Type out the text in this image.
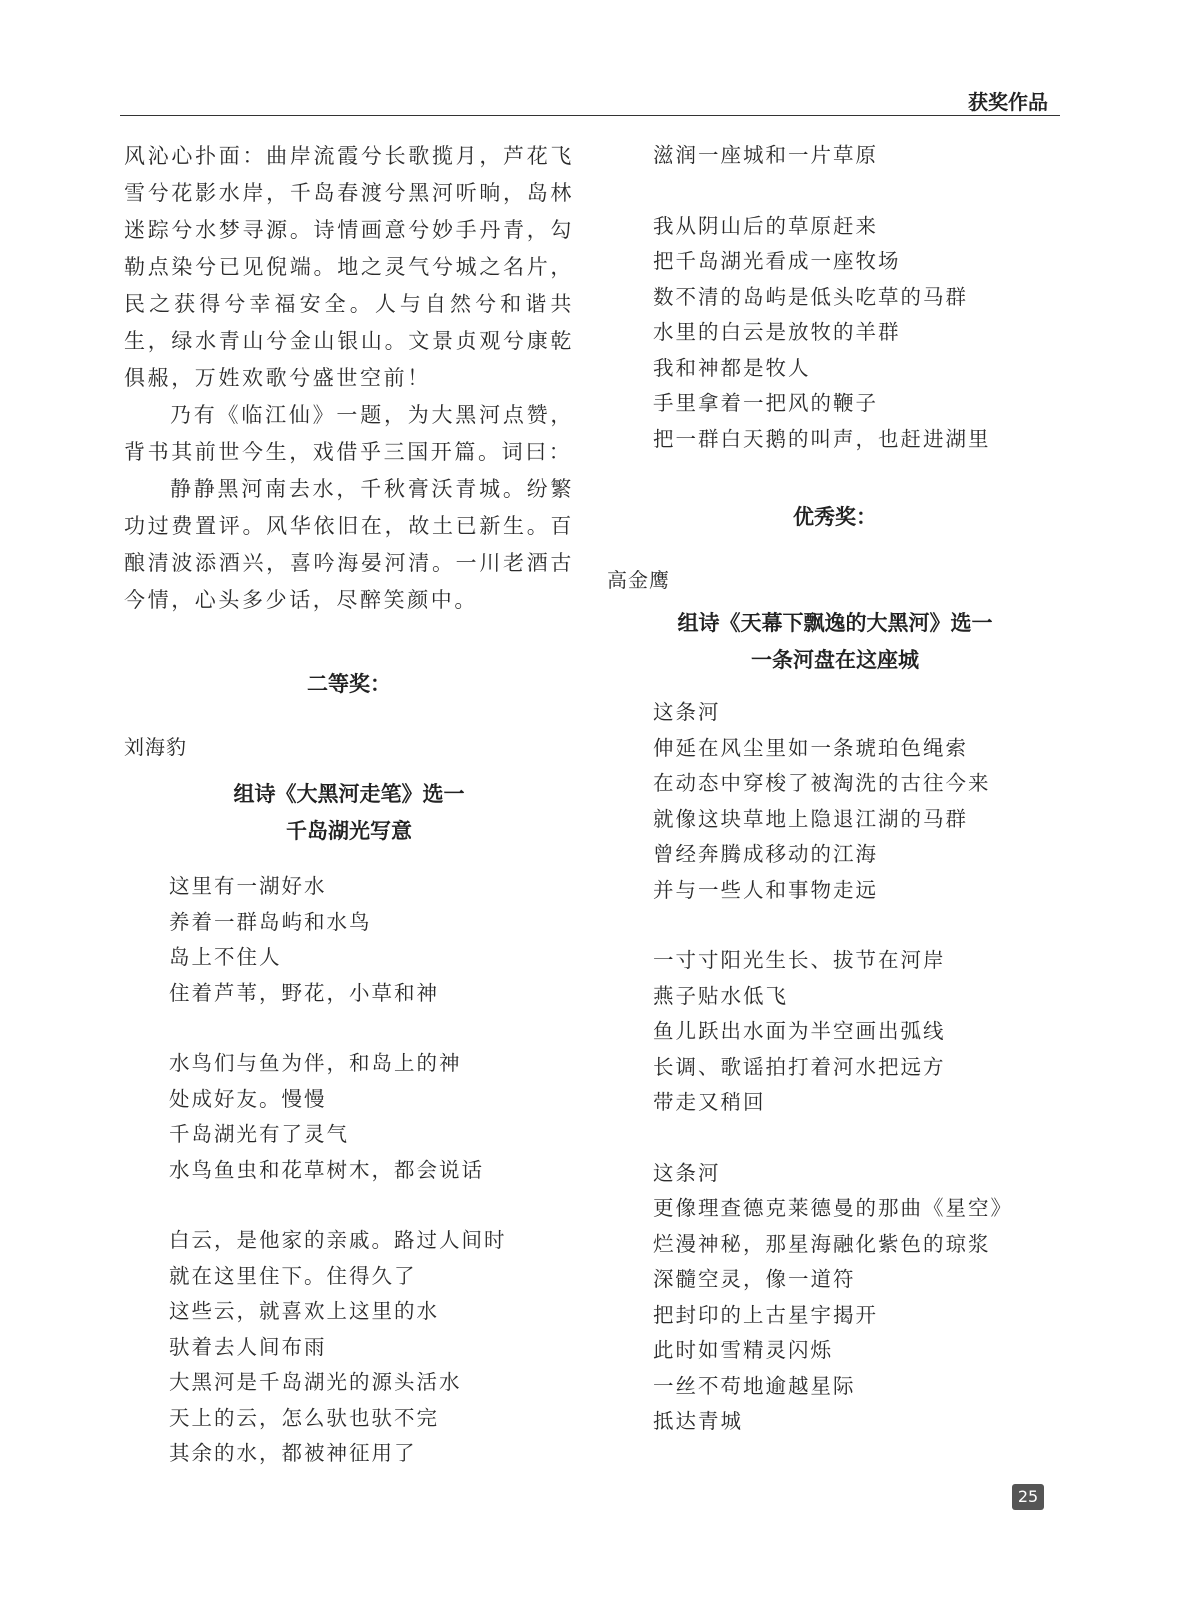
获奖作品

风沁心扑面：曲岸流霞兮长歌揽月，芦花飞雪兮花影水岸，千岛春渡兮黑河听晌，岛林迷踪兮水梦寻源。诗情画意兮妙手丹青，勾勒点染兮已见倪端。地之灵气兮城之名片，民之获得兮幸福安全。人与自然兮和谐共生，绿水青山兮金山银山。文景贞观兮康乾俱赧，万姓欢歌兮盛世空前！

乃有《临江仙》一题，为大黑河点赞，背书其前世今生，戏借乎三国开篇。词曰：

静静黑河南去水，千秋膏沃青城。纷繁功过费置评。风华依旧在，故土已新生。百酿清波添酒兴，喜吟海晏河清。一川老酒古今情，心头多少话，尽醉笑颜中。

二等奖：
刘海豹
组诗《大黑河走笔》选一
千岛湖光写意
这里有一湖好水
养着一群岛屿和水鸟
岛上不住人
住着芦苇，野花，小草和神
水鸟们与鱼为伴，和岛上的神
处成好友。慢慢
千岛湖光有了灵气
水鸟鱼虫和花草树木，都会说话
白云，是他家的亲戚。路过人间时
就在这里住下。住得久了
这些云，就喜欢上这里的水
驮着去人间布雨
大黑河是千岛湖光的源头活水
天上的云，怎么驮也驮不完
其余的水，都被神征用了
滋润一座城和一片草原
我从阴山后的草原赶来
把千岛湖光看成一座牧场
数不清的岛屿是低头吃草的马群
水里的白云是放牧的羊群
我和神都是牧人
手里拿着一把风的鞭子
把一群白天鹅的叫声，也赶进湖里
优秀奖：
高金鹰
组诗《天幕下飘逸的大黑河》选一
一条河盘在这座城
这条河
伸延在风尘里如一条琥珀色绳索
在动态中穿梭了被淘洗的古往今来
就像这块草地上隐退江湖的马群
曾经奔腾成移动的江海
并与一些人和事物走远
一寸寸阳光生长、拔节在河岸
燕子贴水低飞
鱼儿跃出水面为半空画出弧线
长调、歌谣拍打着河水把远方
带走又稍回
这条河
更像理查德克莱德曼的那曲《星空》
烂漫神秘，那星海融化紫色的琼浆
深髓空灵，像一道符
把封印的上古星宇揭开
此时如雪精灵闪烁
一丝不苟地逾越星际
抵达青城
25
